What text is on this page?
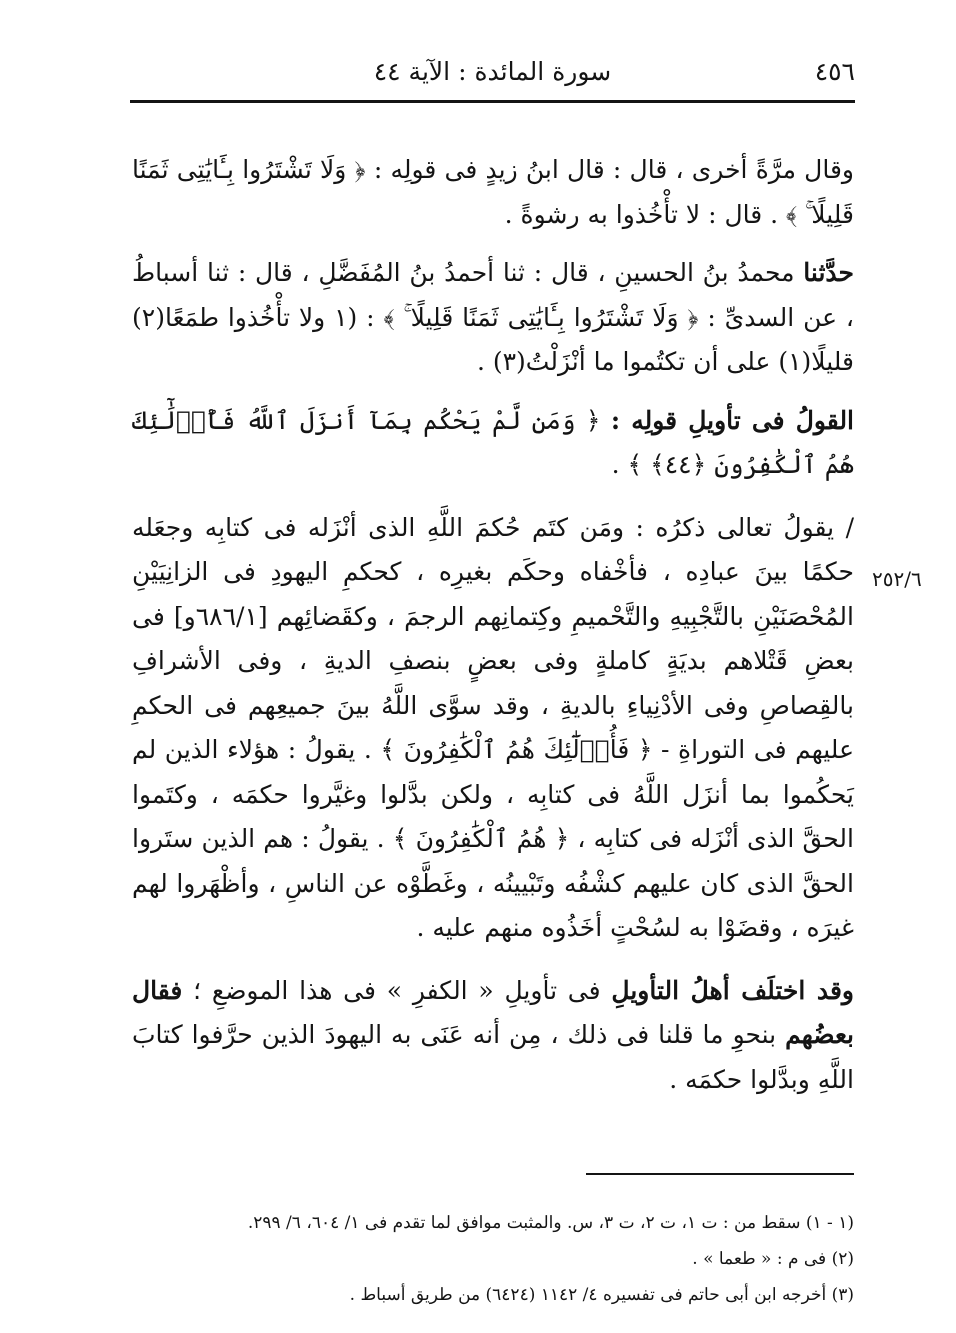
٤٥٦
سورة المائدة : الآية ٤٤
٢٥٢/٦

وقال مرَّةً أخرى ، قال : قال ابنُ زيدٍ فى قولِه : ﴿ وَلَا تَشْتَرُوا بِـَٔايَٰتِى ثَمَنًا قَلِيلًا ۚ ﴾ . قال : لا تأْخُذوا به رشوةً .

حدَّثنا محمدُ بنُ الحسينِ ، قال : ثنا أحمدُ بنُ المُفَضَّلِ ، قال : ثنا أسباطُ ، عن السدىِّ : ﴿ وَلَا تَشْتَرُوا بِـَٔايَٰتِى ثَمَنًا قَلِيلًا ۚ ﴾ : (١ ولا تأْخُذوا طمَعًا(٢) قليلًا(١) على أن تكتُموا ما أنْزَلْتُ(٣) .

القولُ فى تأويلِ قولِه : ﴿ وَمَن لَّمْ يَحْكُم بِمَآ أَنزَلَ ٱللَّهُ فَأُو۟لَٰٓئِكَ هُمُ ٱلْكَٰفِرُونَ ﴿٤٤﴾ ﴾ .

/ يقولُ تعالى ذكرُه : ومَن كتَم حُكمَ اللَّهِ الذى أنْزَله فى كتابِه وجعَله حكمًا بينَ عبادِه ، فأخْفاه وحكَم بغيرِه ، كحكمِ اليهودِ فى الزانِيَيْنِ المُحْصَنَيْنِ بالتَّجْبِيهِ والتَّحْميمِ وكِتمانِهم الرجمَ ، وكقَضائِهم [٦٨٦/١و] فى بعضِ قَتْلاهم بديَةٍ كاملةٍ وفى بعضٍ بنصفِ الديةِ ، وفى الأشرافِ بالقِصاصِ وفى الأدْنِياءِ بالديةِ ، وقد سوَّى اللَّهُ بينَ جميعِهم فى الحكمِ عليهم فى التوراةِ - ﴿ فَأُو۟لَٰٓئِكَ هُمُ ٱلْكَٰفِرُونَ ﴾ . يقولُ : هؤلاء الذين لم يَحكُموا بما أنزَل اللَّهُ فى كتابِه ، ولكن بدَّلوا وغيَّروا حكمَه ، وكتَموا الحقَّ الذى أنْزَله فى كتابِه ، ﴿ هُمُ ٱلْكَٰفِرُونَ ﴾ . يقولُ : هم الذين ستَروا الحقَّ الذى كان عليهم كشْفُه وتَبْيينُه ، وغَطَّوْه عن الناسِ ، وأظْهَروا لهم غيرَه ، وقضَوْا به لسُحْتٍ أخَذُوه منهم عليه .

وقد اختلَف أهلُ التأويلِ فى تأويلِ « الكفرِ » فى هذا الموضعِ ؛ فقال بعضُهم بنحوِ ما قلنا فى ذلك ، مِن أنه عَنَى به اليهودَ الذين حرَّفوا كتابَ اللَّهِ وبدَّلوا حكمَه .

(١ - ١) سقط من : ت ١، ت ٢، ت ٣، س. والمثبت موافق لما تقدم فى ١/ ٦٠٤، ٦/ ٢٩٩.

(٢) فى م : « طعما » .

(٣) أخرجه ابن أبى حاتم فى تفسيره ٤/ ١١٤٢ (٦٤٢٤) من طريق أسباط .
